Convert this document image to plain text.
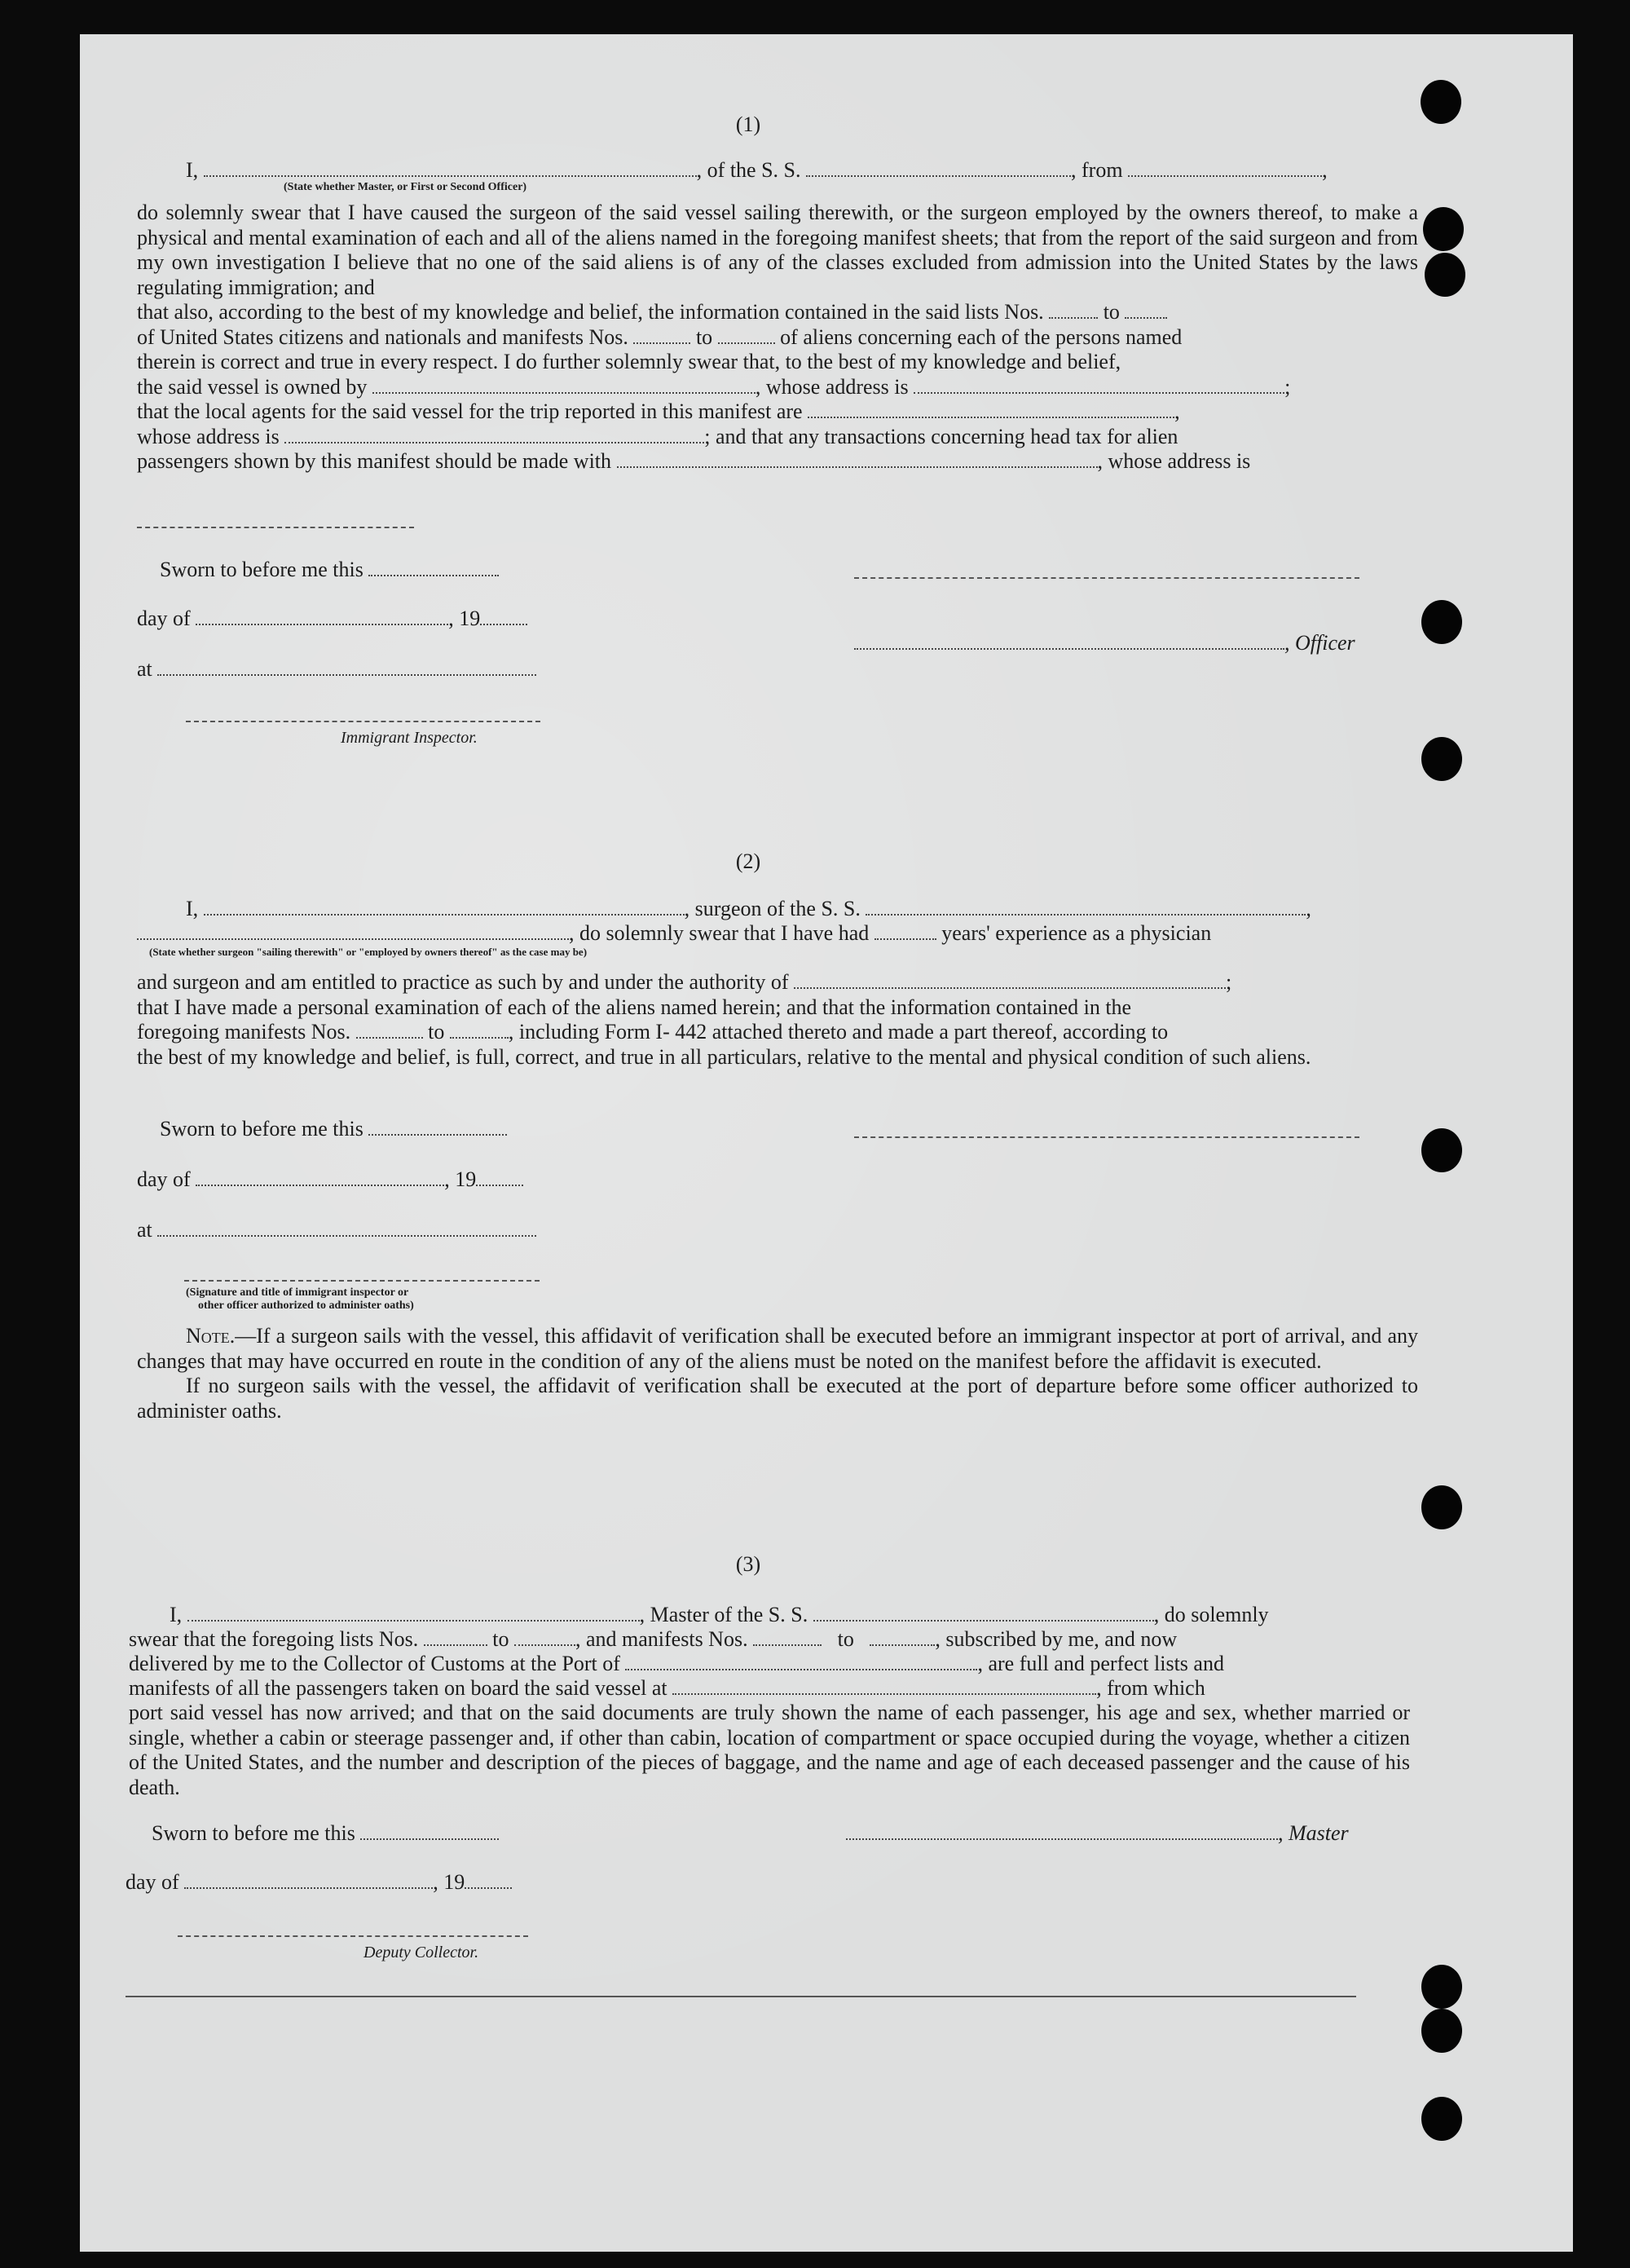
(1)
I,	, of the S. S.	, from	,
(State whether Master, or First or Second Officer)

do solemnly swear that I have caused the surgeon of the said vessel sailing therewith, or the surgeon employed by the owners thereof, to make a physical and mental examination of each and all of the aliens named in the foregoing manifest sheets; that from the report of the said surgeon and from my own investigation I believe that no one of the said aliens is of any of the classes excluded from admission into the United States by the laws regulating immigration; and

that also, according to the best of my knowledge and belief, the information contained in the said lists Nos.	to

of United States citizens and nationals and manifests Nos.	to	of aliens concerning each of the persons named

therein is correct and true in every respect. I do further solemnly swear that, to the best of my knowledge and belief,

the said vessel is owned by	, whose address is	;

that the local agents for the said vessel for the trip reported in this manifest are	,

whose address is	; and that any transactions concerning head tax for alien

passengers shown by this manifest should be made with	, whose address is

Sworn to before me this
day of	, 19
at
Immigrant Inspector.
, Officer
(2)
I,	, surgeon of the S. S.	,
, do solemnly swear that I have had	years' experience as a physician
(State whether surgeon "sailing therewith" or "employed by owners thereof" as the case may be)

and surgeon and am entitled to practice as such by and under the authority of	;

that I have made a personal examination of each of the aliens named herein; and that the information contained in the

foregoing manifests Nos.	to	, including Form I- 442 attached thereto and made a part thereof, according to

the best of my knowledge and belief, is full, correct, and true in all particulars, relative to the mental and physical condition of such aliens.

Sworn to before me this
day of	, 19
at
(Signature and title of immigrant inspector or
other officer authorized to administer oaths)

Note.—If a surgeon sails with the vessel, this affidavit of verification shall be executed before an immigrant inspector at port of arrival, and any changes that may have occurred en route in the condition of any of the aliens must be noted on the manifest before the affidavit is executed.

If no surgeon sails with the vessel, the affidavit of verification shall be executed at the port of departure before some officer authorized to administer oaths.

(3)
I,	, Master of the S. S.	, do solemnly
swear that the foregoing lists Nos.	to	, and manifests Nos.	to	, subscribed by me, and now
delivered by me to the Collector of Customs at the Port of	, are full and perfect lists and
manifests of all the passengers taken on board the said vessel at	, from which
port said vessel has now arrived; and that on the said documents are truly shown the name of each passenger, his age and sex, whether married or single, whether a cabin or steerage passenger and, if other than cabin, location of compartment or space occupied during the voyage, whether a citizen of the United States, and the number and description of the pieces of baggage, and the name and age of each deceased passenger and the cause of his death.
Sworn to before me this	, Master
day of	, 19
Deputy Collector.
